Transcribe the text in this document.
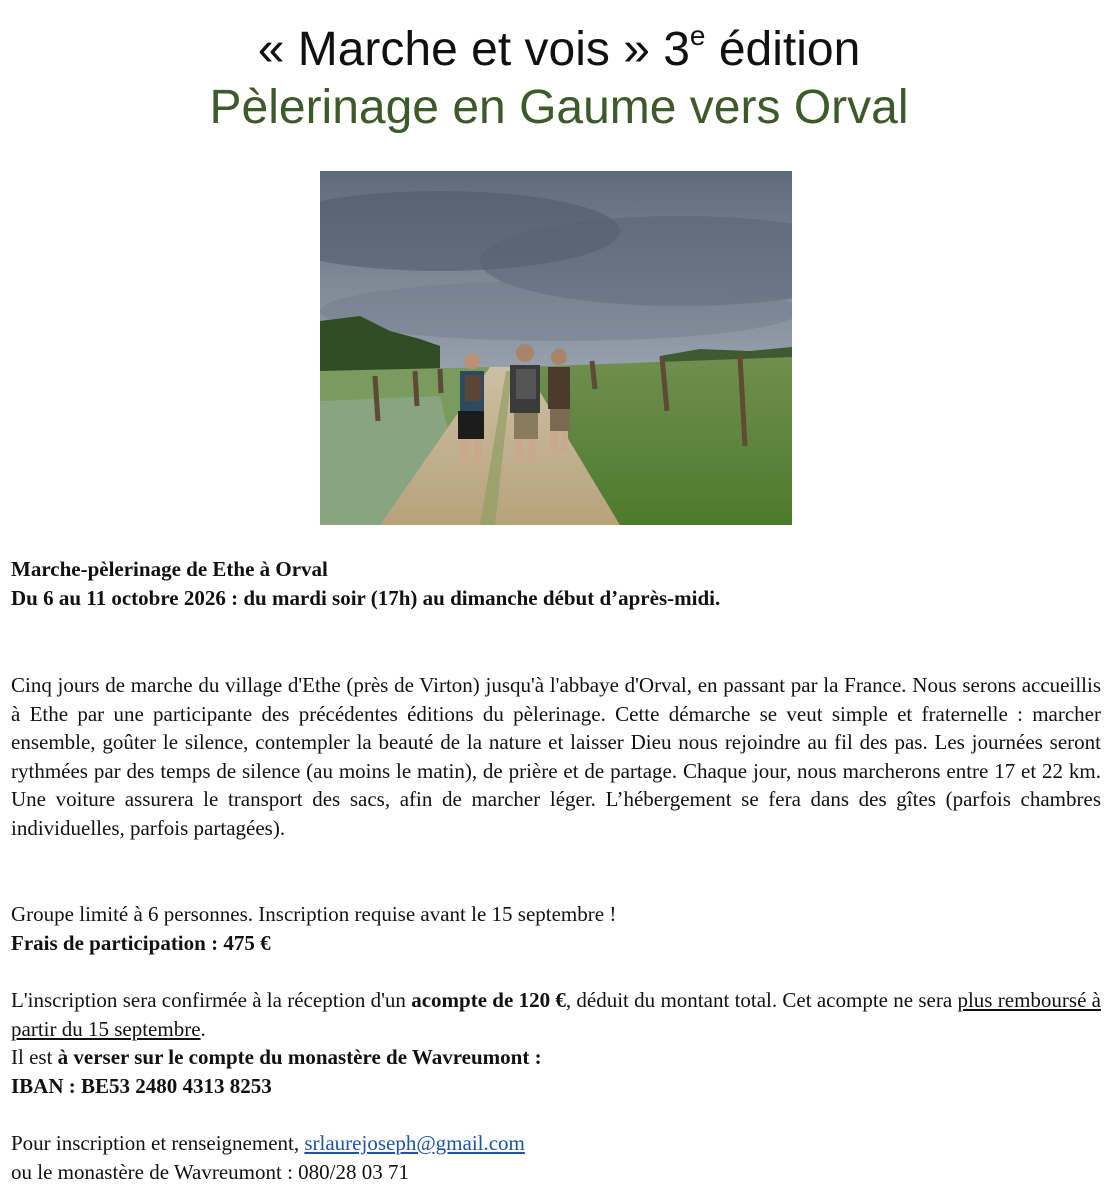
« Marche et vois » 3e édition
Pèlerinage en Gaume vers Orval
Marche-pèlerinage de Ethe à Orval
Du 6 au 11 octobre 2026 : du mardi soir (17h) au dimanche début d’après-midi.
Cinq jours de marche du village d'Ethe (près de Virton) jusqu'à l'abbaye d'Orval, en passant par la France. Nous serons accueillis à Ethe par une participante des précédentes éditions du pèlerinage. Cette démarche se veut simple et fraternelle : marcher ensemble, goûter le silence, contempler la beauté de la nature et laisser Dieu nous rejoindre au fil des pas. Les journées seront rythmées par des temps de silence (au moins le matin), de prière et de partage. Chaque jour, nous marcherons entre 17 et 22 km. Une voiture assurera le transport des sacs, afin de marcher léger. L’hébergement se fera dans des gîtes (parfois chambres individuelles, parfois partagées).
Groupe limité à 6 personnes. Inscription requise avant le 15 septembre !
Frais de participation : 475 €
L'inscription sera confirmée à la réception d'un acompte de 120 €, déduit du montant total. Cet acompte ne sera plus remboursé à partir du 15 septembre.
Il est à verser sur le compte du monastère de Wavreumont :
IBAN : BE53 2480 4313 8253
Pour inscription et renseignement, srlaurejoseph@gmail.com
ou le monastère de Wavreumont : 080/28 03 71
